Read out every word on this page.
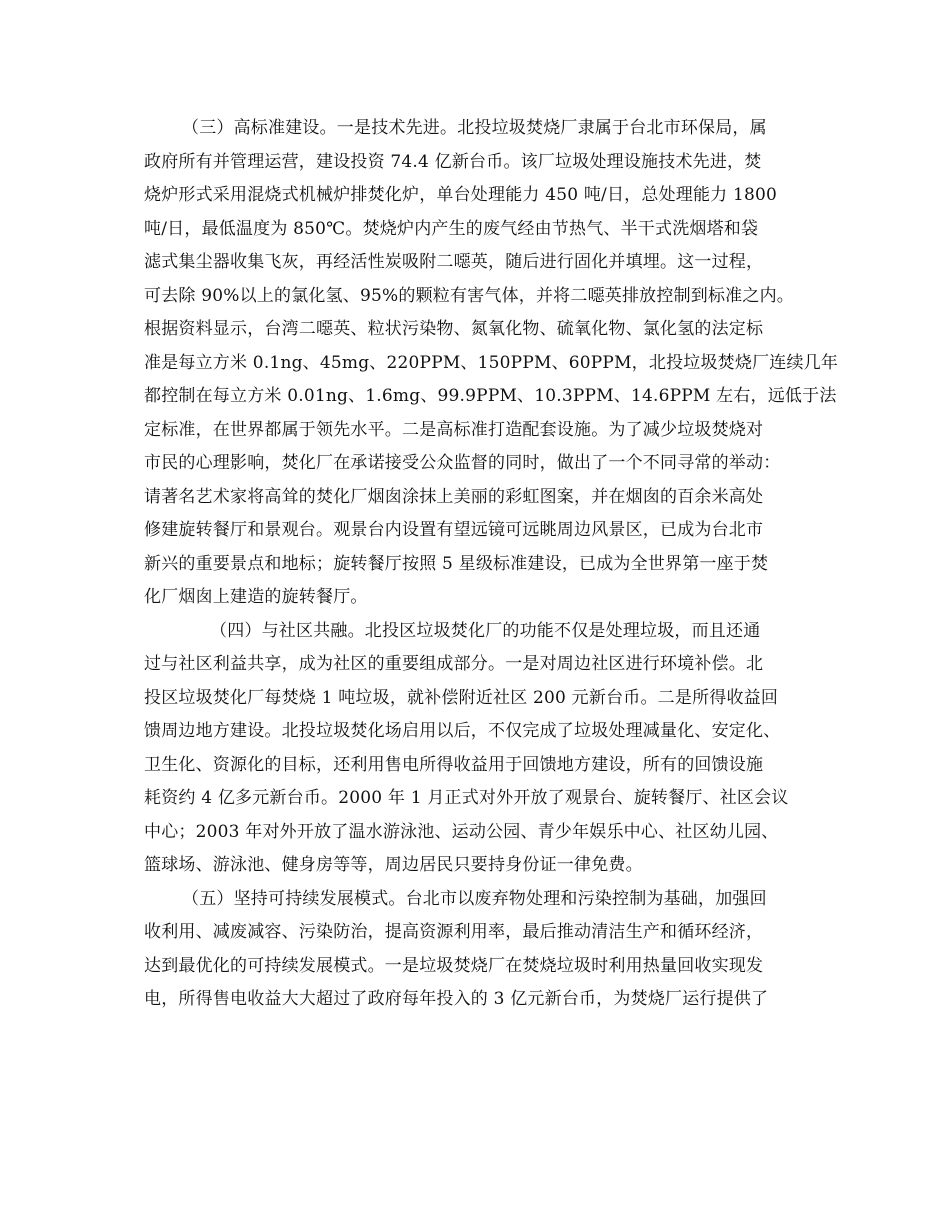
（三）高标准建设。一是技术先进。北投垃圾焚烧厂隶属于台北市环保局，属
政府所有并管理运营，建设投资 74.4 亿新台币。该厂垃圾处理设施技术先进，焚
烧炉形式采用混烧式机械炉排焚化炉，单台处理能力 450 吨/日，总处理能力 1800
吨/日，最低温度为 850℃。焚烧炉内产生的废气经由节热气、半干式洗烟塔和袋
滤式集尘器收集飞灰，再经活性炭吸附二噁英，随后进行固化并填埋。这一过程，
可去除 90%以上的氯化氢、95%的颗粒有害气体，并将二噁英排放控制到标准之内。
根据资料显示，台湾二噁英、粒状污染物、氮氧化物、硫氧化物、氯化氢的法定标
准是每立方米 0.1ng、45mg、220PPM、150PPM、60PPM，北投垃圾焚烧厂连续几年
都控制在每立方米 0.01ng、1.6mg、99.9PPM、10.3PPM、14.6PPM 左右，远低于法
定标准，在世界都属于领先水平。二是高标准打造配套设施。为了减少垃圾焚烧对
市民的心理影响，焚化厂在承诺接受公众监督的同时，做出了一个不同寻常的举动：
请著名艺术家将高耸的焚化厂烟囱涂抹上美丽的彩虹图案，并在烟囱的百余米高处
修建旋转餐厅和景观台。观景台内设置有望远镜可远眺周边风景区，已成为台北市
新兴的重要景点和地标；旋转餐厅按照 5 星级标准建设，已成为全世界第一座于焚
化厂烟囱上建造的旋转餐厅。
（四）与社区共融。北投区垃圾焚化厂的功能不仅是处理垃圾，而且还通
过与社区利益共享，成为社区的重要组成部分。一是对周边社区进行环境补偿。北
投区垃圾焚化厂每焚烧 1 吨垃圾，就补偿附近社区 200 元新台币。二是所得收益回
馈周边地方建设。北投垃圾焚化场启用以后，不仅完成了垃圾处理减量化、安定化、
卫生化、资源化的目标，还利用售电所得收益用于回馈地方建设，所有的回馈设施
耗资约 4 亿多元新台币。2000 年 1 月正式对外开放了观景台、旋转餐厅、社区会议
中心；2003 年对外开放了温水游泳池、运动公园、青少年娱乐中心、社区幼儿园、
篮球场、游泳池、健身房等等，周边居民只要持身份证一律免费。
（五）坚持可持续发展模式。台北市以废弃物处理和污染控制为基础，加强回
收利用、减废减容、污染防治，提高资源利用率，最后推动清洁生产和循环经济，
达到最优化的可持续发展模式。一是垃圾焚烧厂在焚烧垃圾时利用热量回收实现发
电，所得售电收益大大超过了政府每年投入的 3 亿元新台币，为焚烧厂运行提供了
